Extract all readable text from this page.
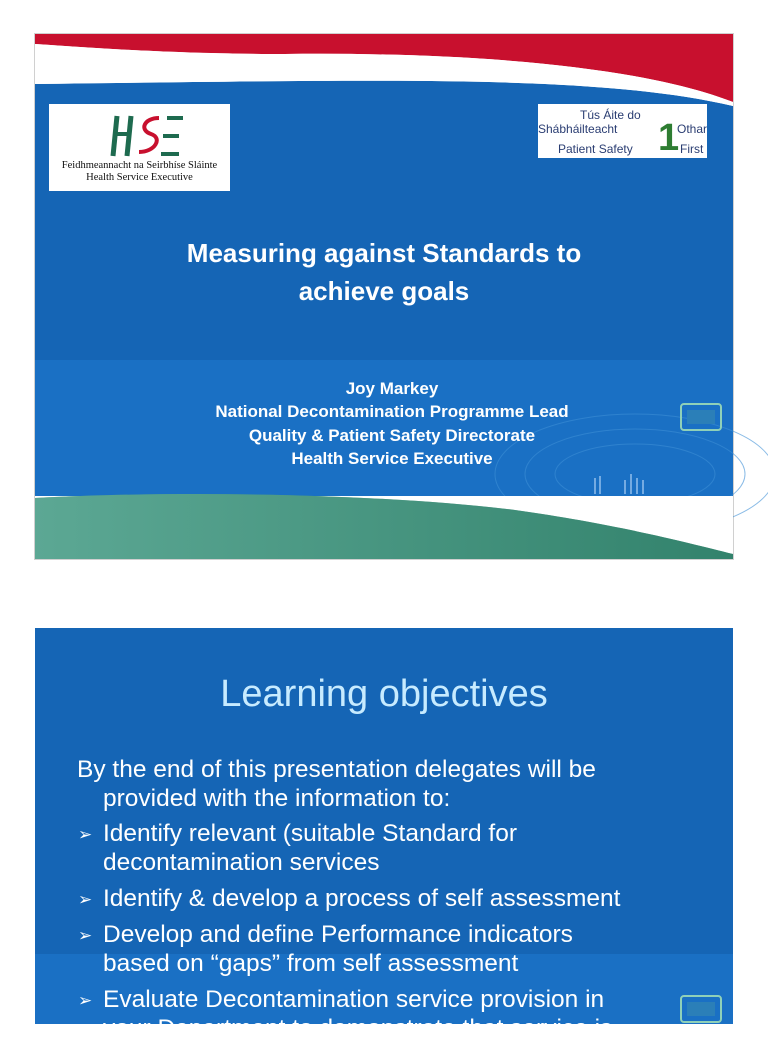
Feidhmeannacht na Seirbhíse Sláinte
Health Service Executive
Tús Áite do
Shábháilteacht	Othar
Patient Safety	First
1
Measuring against Standards to
achieve goals
Joy Markey
National Decontamination Programme Lead
Quality & Patient Safety Directorate
Health Service Executive
Learning objectives
By the end of this presentation delegates will be
provided with the information to:
➢ Identify relevant (suitable Standard for
decontamination services
➢ Identify & develop a process of self assessment
➢ Develop and define Performance indicators
based on “gaps” from self assessment
➢ Evaluate Decontamination service provision in
your Department to demonstrate that service is
